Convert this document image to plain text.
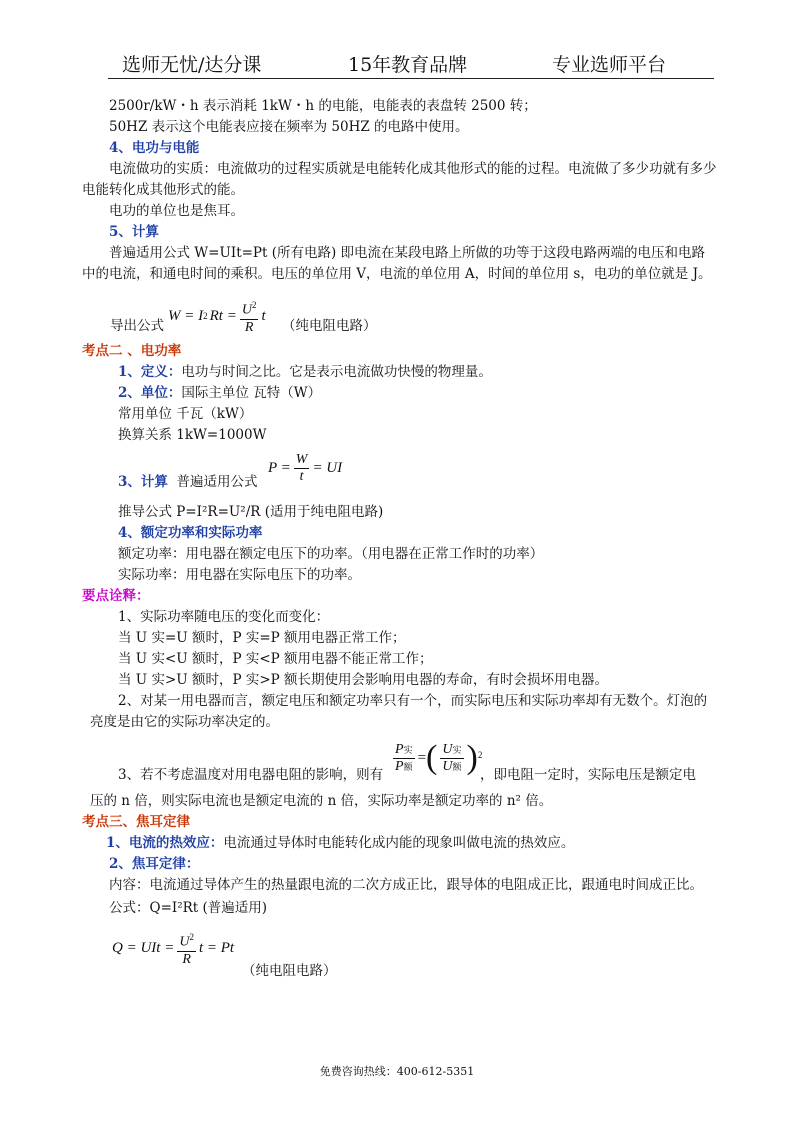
选师无忧/达分课	15年教育品牌	专业选师平台
2500r/kW・h 表示消耗 1kW・h 的电能，电能表的表盘转 2500 转；
50HZ 表示这个电能表应接在频率为 50HZ 的电路中使用。
4、电功与电能
电流做功的实质：电流做功的过程实质就是电能转化成其他形式的能的过程。电流做了多少功就有多少电能转化成其他形式的能。
电功的单位也是焦耳。
5、计算
普遍适用公式 W=UIt=Pt (所有电路) 即电流在某段电路上所做的功等于这段电路两端的电压和电路中的电流，和通电时间的乘积。电压的单位用 V，电流的单位用 A，时间的单位用 s，电功的单位就是 J。
导出公式
W = I 2 $Rt = \frac{U^2}{R}$ t
（纯电阻电路）
考点二 、电功率
1、定义：电功与时间之比。它是表示电流做功快慢的物理量。
2、单位：国际主单位 瓦特（W）
常用单位 千瓦（kW）
换算关系 1kW=1000W
3、计算 普遍适用公式
$P = \frac{W}{t}$ = UI
推导公式 P=I²R=U²/R (适用于纯电阻电路)
4、额定功率和实际功率
额定功率：用电器在额定电压下的功率。（用电器在正常工作时的功率）
实际功率：用电器在实际电压下的功率。
要点诠释：
1、实际功率随电压的变化而变化：
当 U 实=U 额时，P 实=P 额用电器正常工作；
当 U 实<U 额时，P 实<P 额用电器不能正常工作；
当 U 实>U 额时，P 实>P 额长期使用会影响用电器的寿命，有时会损坏用电器。
2、对某一用电器而言，额定电压和额定功率只有一个，而实际电压和实际功率却有无数个。灯泡的亮度是由它的实际功率决定的。
3、若不考虑温度对用电器电阻的影响，则有
$\frac{\text{P实}}{\text{P额}}$ = ( $\frac{\text{U实}}{\text{U额}}$ ) 2
，即电阻一定时，实际电压是额定电
压的 n 倍，则实际电流也是额定电流的 n 倍，实际功率是额定功率的 n² 倍。
考点三、焦耳定律
1、电流的热效应：电流通过导体时电能转化成内能的现象叫做电流的热效应。
2、焦耳定律：
内容：电流通过导体产生的热量跟电流的二次方成正比，跟导体的电阻成正比，跟通电时间成正比。
公式：Q=I²Rt (普遍适用)
Q = UIt = $\frac{U^2}{R}$ t = Pt
（纯电阻电路）
免费咨询热线：400-612-5351
